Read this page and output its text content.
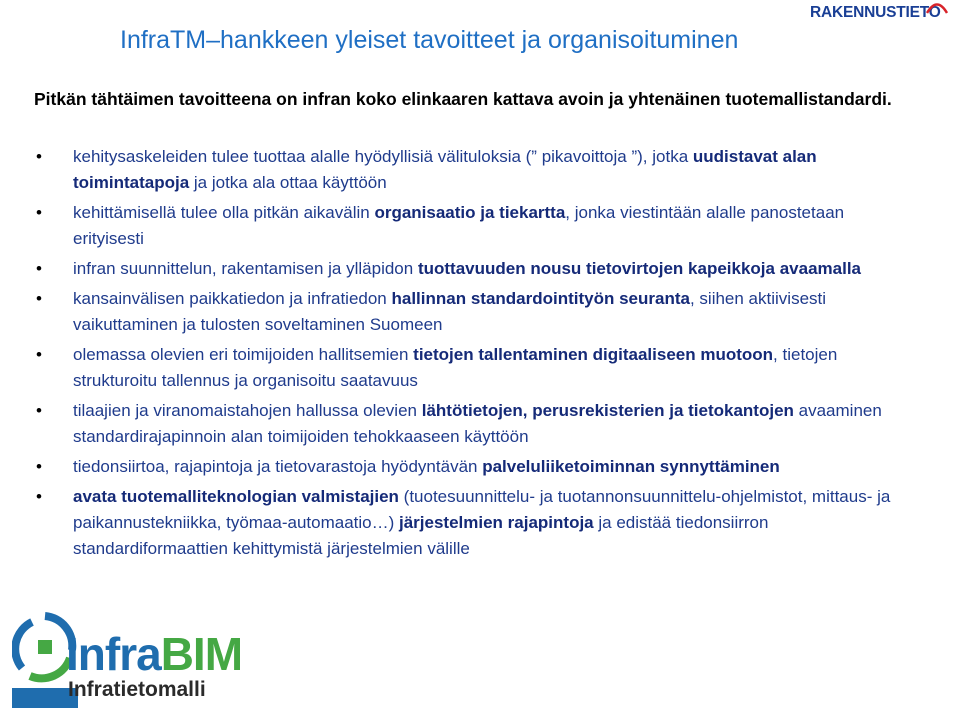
InfraTM–hankkeen yleiset tavoitteet ja organisoituminen
RAKENNUSTIETO
Pitkän tähtäimen tavoitteena on infran koko elinkaaren kattava avoin ja yhtenäinen tuotemallistandardi.
• kehitysaskeleiden tulee tuottaa alalle hyödyllisiä välituloksia (” pikavoittoja ”), jotka uudistavat alan toimintatapoja ja jotka ala ottaa käyttöön
• kehittämisellä tulee olla pitkän aikavälin organisaatio ja tiekartta, jonka viestintään alalle panostetaan erityisesti
• infran suunnittelun, rakentamisen ja ylläpidon tuottavuuden nousu tietovirtojen kapeikkoja avaamalla
• kansainvälisen paikkatiedon ja infratiedon hallinnan standardointityön seuranta, siihen aktiivisesti vaikuttaminen ja tulosten soveltaminen Suomeen
• olemassa olevien eri toimijoiden hallitsemien tietojen tallentaminen digitaaliseen muotoon, tietojen strukturoitu tallennus ja organisoitu saatavuus
• tilaajien ja viranomaistahojen hallussa olevien lähtötietojen, perusrekisterien ja tietokantojen avaaminen standardirajapinnoin alan toimijoiden tehokkaaseen käyttöön
• tiedonsiirtoa, rajapintoja ja tietovarastoja hyödyntävän palveluliiketoiminnan synnyttäminen
• avata tuotemalliteknologian valmistajien (tuotesuunnittelu- ja tuotannonsuunnittelu-ohjelmistot, mittaus- ja paikannustekniikka, työmaa-automaatio…) järjestelmien rajapintoja ja edistää tiedonsiirron standardiformaattien kehittymistä järjestelmien välille
InfraBIM
Infratietomalli
